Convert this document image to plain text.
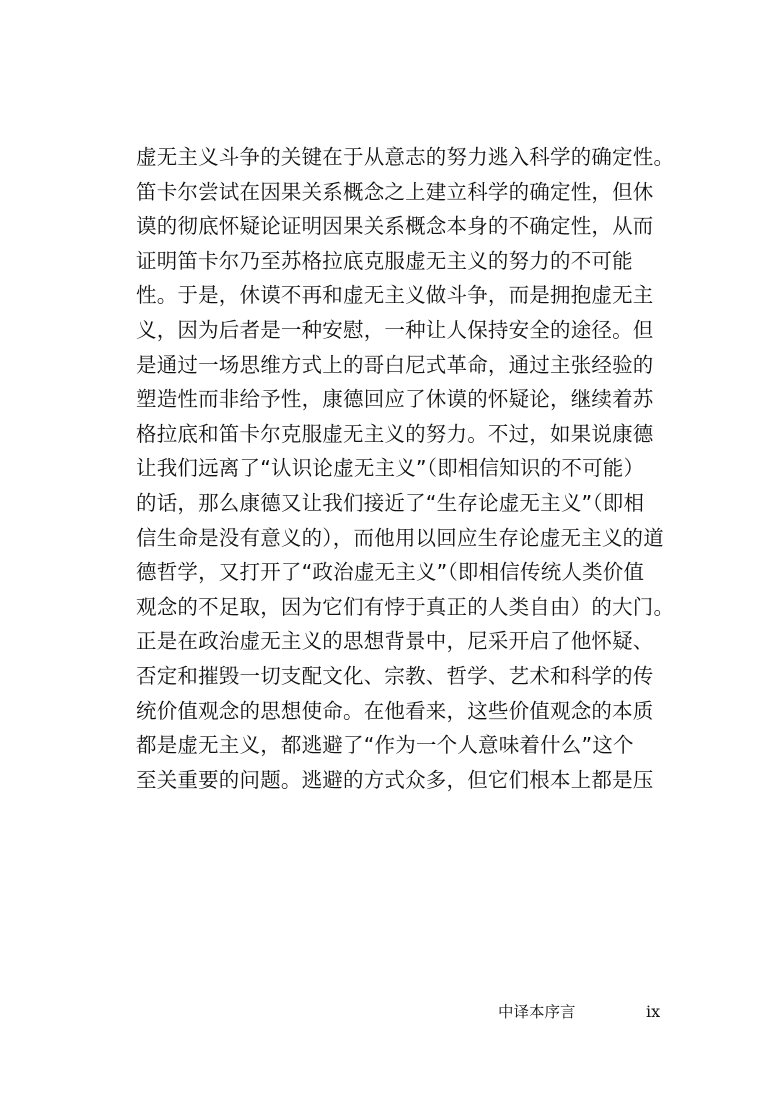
虚无主义斗争的关键在于从意志的努力逃入科学的确定性。
笛卡尔尝试在因果关系概念之上建立科学的确定性，但休
谟的彻底怀疑论证明因果关系概念本身的不确定性，从而
证明笛卡尔乃至苏格拉底克服虚无主义的努力的不可能
性。于是，休谟不再和虚无主义做斗争，而是拥抱虚无主
义，因为后者是一种安慰，一种让人保持安全的途径。但
是通过一场思维方式上的哥白尼式革命，通过主张经验的
塑造性而非给予性，康德回应了休谟的怀疑论，继续着苏
格拉底和笛卡尔克服虚无主义的努力。不过，如果说康德
让我们远离了“认识论虚无主义”（即相信知识的不可能）
的话，那么康德又让我们接近了“生存论虚无主义”（即相
信生命是没有意义的），而他用以回应生存论虚无主义的道
德哲学，又打开了“政治虚无主义”（即相信传统人类价值
观念的不足取，因为它们有悖于真正的人类自由）的大门。
正是在政治虚无主义的思想背景中，尼采开启了他怀疑、
否定和摧毁一切支配文化、宗教、哲学、艺术和科学的传
统价值观念的思想使命。在他看来，这些价值观念的本质
都是虚无主义，都逃避了“作为一个人意味着什么”这个
至关重要的问题。逃避的方式众多，但它们根本上都是压
中译本序言	ix
